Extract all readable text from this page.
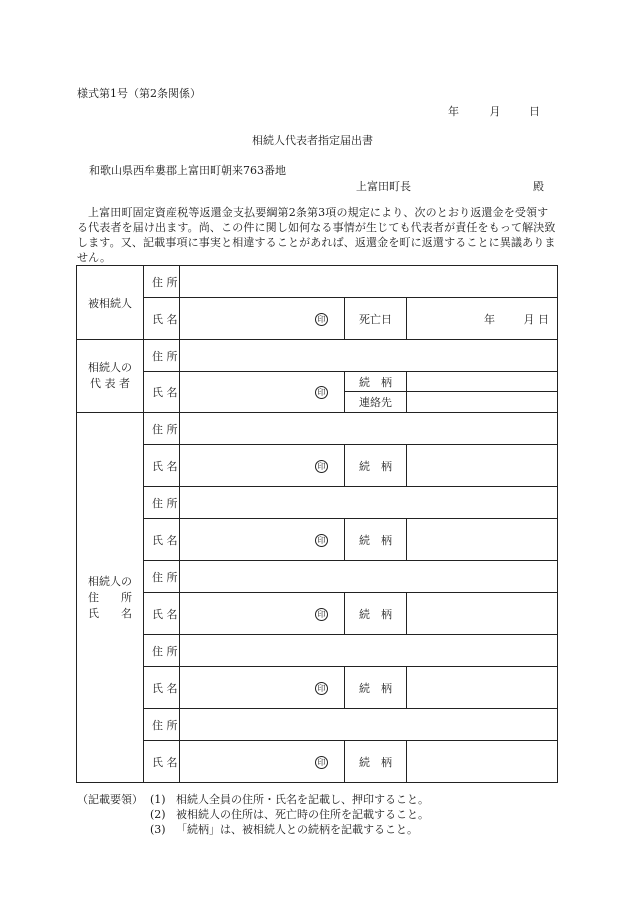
様式第1号（第2条関係）
年	月	日
相続人代表者指定届出書
和歌山県西牟婁郡上富田町朝来763番地
上富田町長	殿
上富田町固定資産税等返還金支払要綱第2条第3項の規定により、次のとおり返還金を受領する代表者を届け出ます。尚、この件に関し如何なる事情が生じても代表者が責任をもって解決致します。又、記載事項に事実と相違することがあれば、返還金を町に返還することに異議ありません。
被相続人	住 所			
	氏 名	印	死亡日	年 月 日

相続人の
代 表 者	住 所			
	氏 名	印	続　柄	
			連絡先	

相続人の
住　　所
氏　　名	住 所			
	氏 名	印	続　柄	
	住 所			
	氏 名	印	続　柄	
	住 所			
	氏 名	印	続　柄	
	住 所			
	氏 名	印	続　柄	
	住 所			
	氏 名	印	続　柄	
（記載要領） (1) 相続人全員の住所・氏名を記載し、押印すること。
(2) 被相続人の住所は、死亡時の住所を記載すること。
(3) 「続柄」は、被相続人との続柄を記載すること。
